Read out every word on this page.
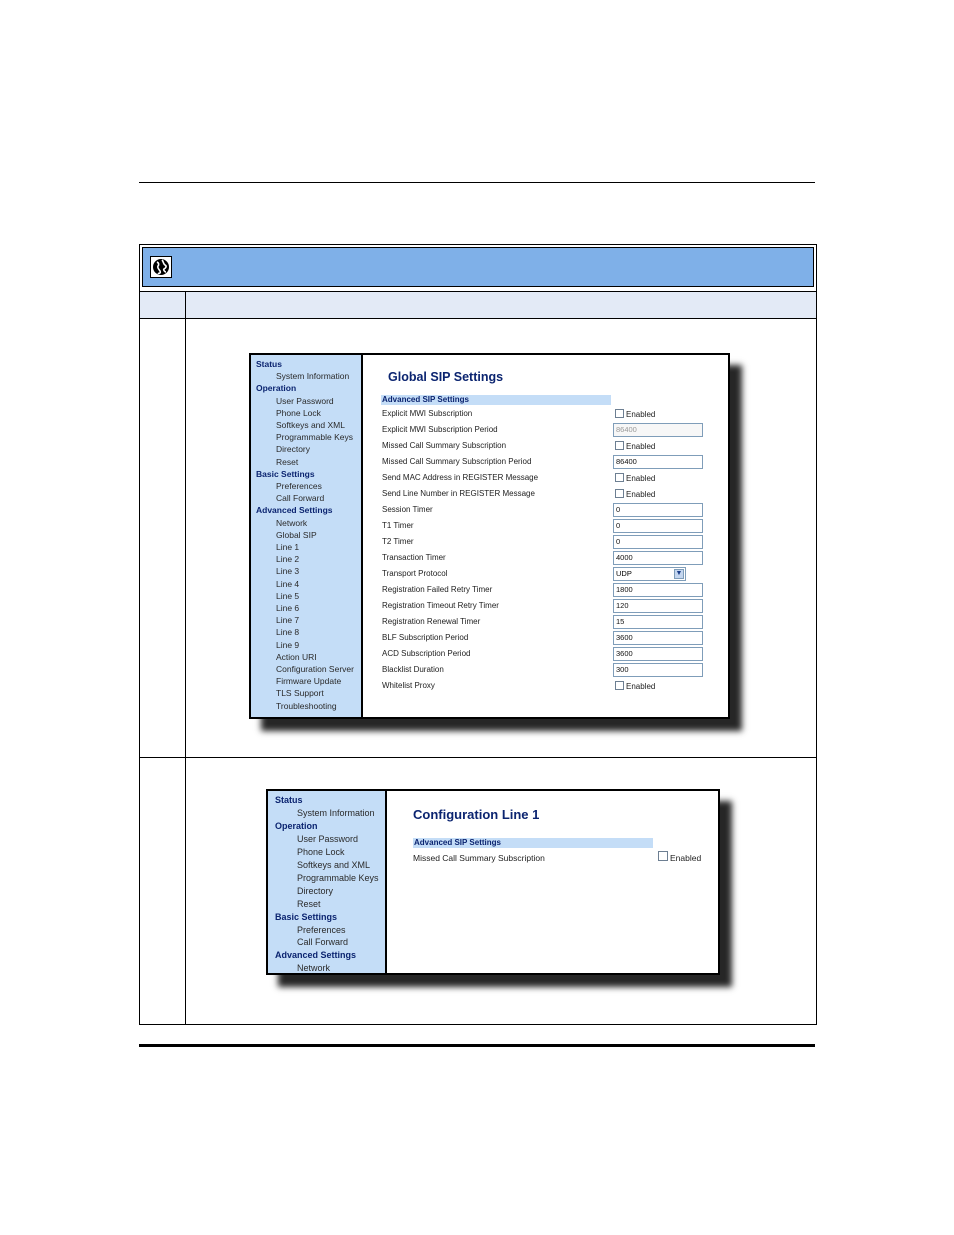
Status
System Information
Operation
User Password
Phone Lock
Softkeys and XML
Programmable Keys
Directory
Reset
Basic Settings
Preferences
Call Forward
Advanced Settings
Network
Global SIP
Line 1
Line 2
Line 3
Line 4
Line 5
Line 6
Line 7
Line 8
Line 9
Action URI
Configuration Server
Firmware Update
TLS Support
Troubleshooting
Global SIP Settings
Advanced SIP Settings
Explicit MWI Subscription	Enabled
Explicit MWI Subscription Period	86400
Missed Call Summary Subscription	Enabled
Missed Call Summary Subscription Period	86400
Send MAC Address in REGISTER Message	Enabled
Send Line Number in REGISTER Message	Enabled
Session Timer	0
T1 Timer	0
T2 Timer	0
Transaction Timer	4000
Transport Protocol	UDP	▼
Registration Failed Retry Timer	1800
Registration Timeout Retry Timer	120
Registration Renewal Timer	15
BLF Subscription Period	3600
ACD Subscription Period	3600
Blacklist Duration	300
Whitelist Proxy	Enabled
Status
System Information
Operation
User Password
Phone Lock
Softkeys and XML
Programmable Keys
Directory
Reset
Basic Settings
Preferences
Call Forward
Advanced Settings
Network
Configuration Line 1
Advanced SIP Settings
Missed Call Summary Subscription	Enabled
